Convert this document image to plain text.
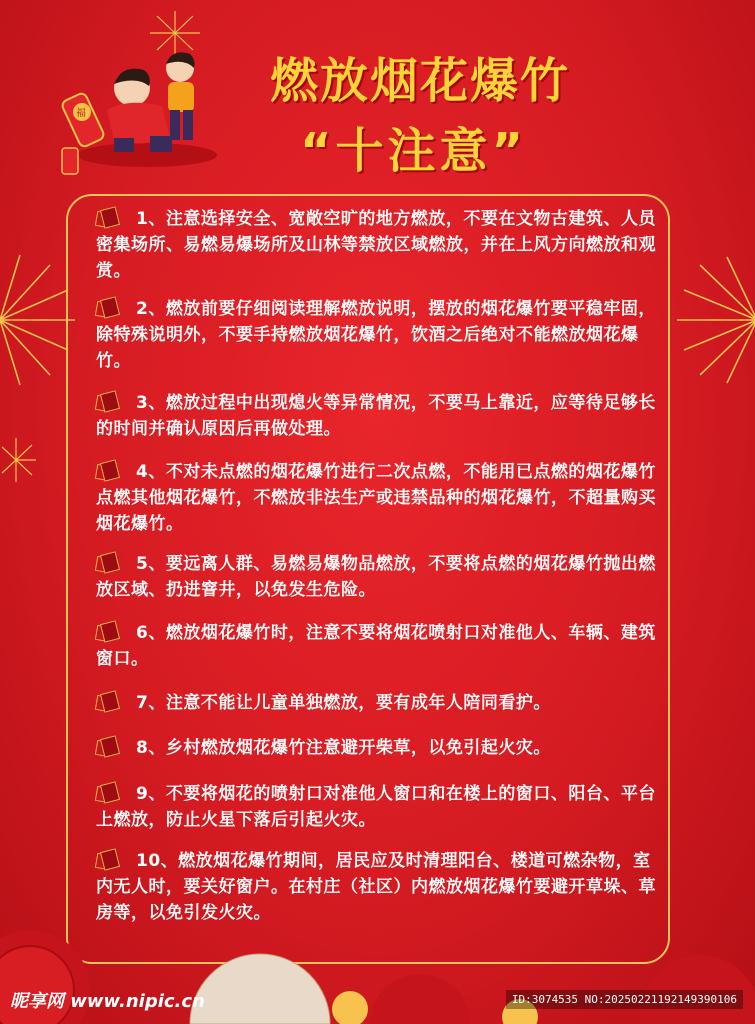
福
燃放烟花爆竹
“十注意”
1、注意选择安全、宽敞空旷的地方燃放，不要在文物古建筑、人员密集场所、易燃易爆场所及山林等禁放区域燃放，并在上风方向燃放和观赏。
2、燃放前要仔细阅读理解燃放说明，摆放的烟花爆竹要平稳牢固，除特殊说明外，不要手持燃放烟花爆竹，饮酒之后绝对不能燃放烟花爆竹。
3、燃放过程中出现熄火等异常情况，不要马上靠近，应等待足够长的时间并确认原因后再做处理。
4、不对未点燃的烟花爆竹进行二次点燃，不能用已点燃的烟花爆竹点燃其他烟花爆竹，不燃放非法生产或违禁品种的烟花爆竹，不超量购买烟花爆竹。
5、要远离人群、易燃易爆物品燃放，不要将点燃的烟花爆竹抛出燃放区域、扔进窨井，以免发生危险。
6、燃放烟花爆竹时，注意不要将烟花喷射口对准他人、车辆、建筑窗口。
7、注意不能让儿童单独燃放，要有成年人陪同看护。
8、乡村燃放烟花爆竹注意避开柴草，以免引起火灾。
9、不要将烟花的喷射口对准他人窗口和在楼上的窗口、阳台、平台上燃放，防止火星下落后引起火灾。
10、燃放烟花爆竹期间，居民应及时清理阳台、楼道可燃杂物，室内无人时，要关好窗户。在村庄（社区）内燃放烟花爆竹要避开草垛、草房等，以免引发火灾。
昵享网 www.nipic.cn	ID:3074535 NO:20250221192149390106
